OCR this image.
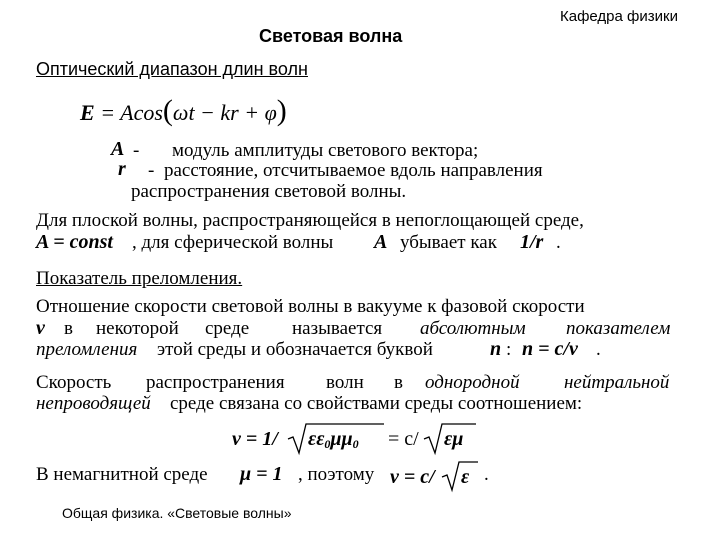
Кафедра физики
Световая волна
Оптический диапазон длин волн
E = Acos(ωt − kr + φ)
A - модуль амплитуды светового вектора;
r - расстояние, отсчитываемое вдоль направления
распространения световой волны.
Для плоской волны, распространяющейся в непоглощающей среде,
A = const , для сферической волны A убывает как 1/r .
Показатель преломления.
Отношение скорости световой волны в вакууме к фазовой скорости
v в некоторой среде называется абсолютным показателем
преломления этой среды и обозначается буквой	n : n = c/v .
Скорость распространения волн в однородной нейтральной
непроводящей среде связана со свойствами среды соотношением:
v = 1/ εε0μμ0 = c/ εμ
В немагнитной среде μ = 1 , поэтому v = c/ ε .
Общая физика. «Световые волны»
